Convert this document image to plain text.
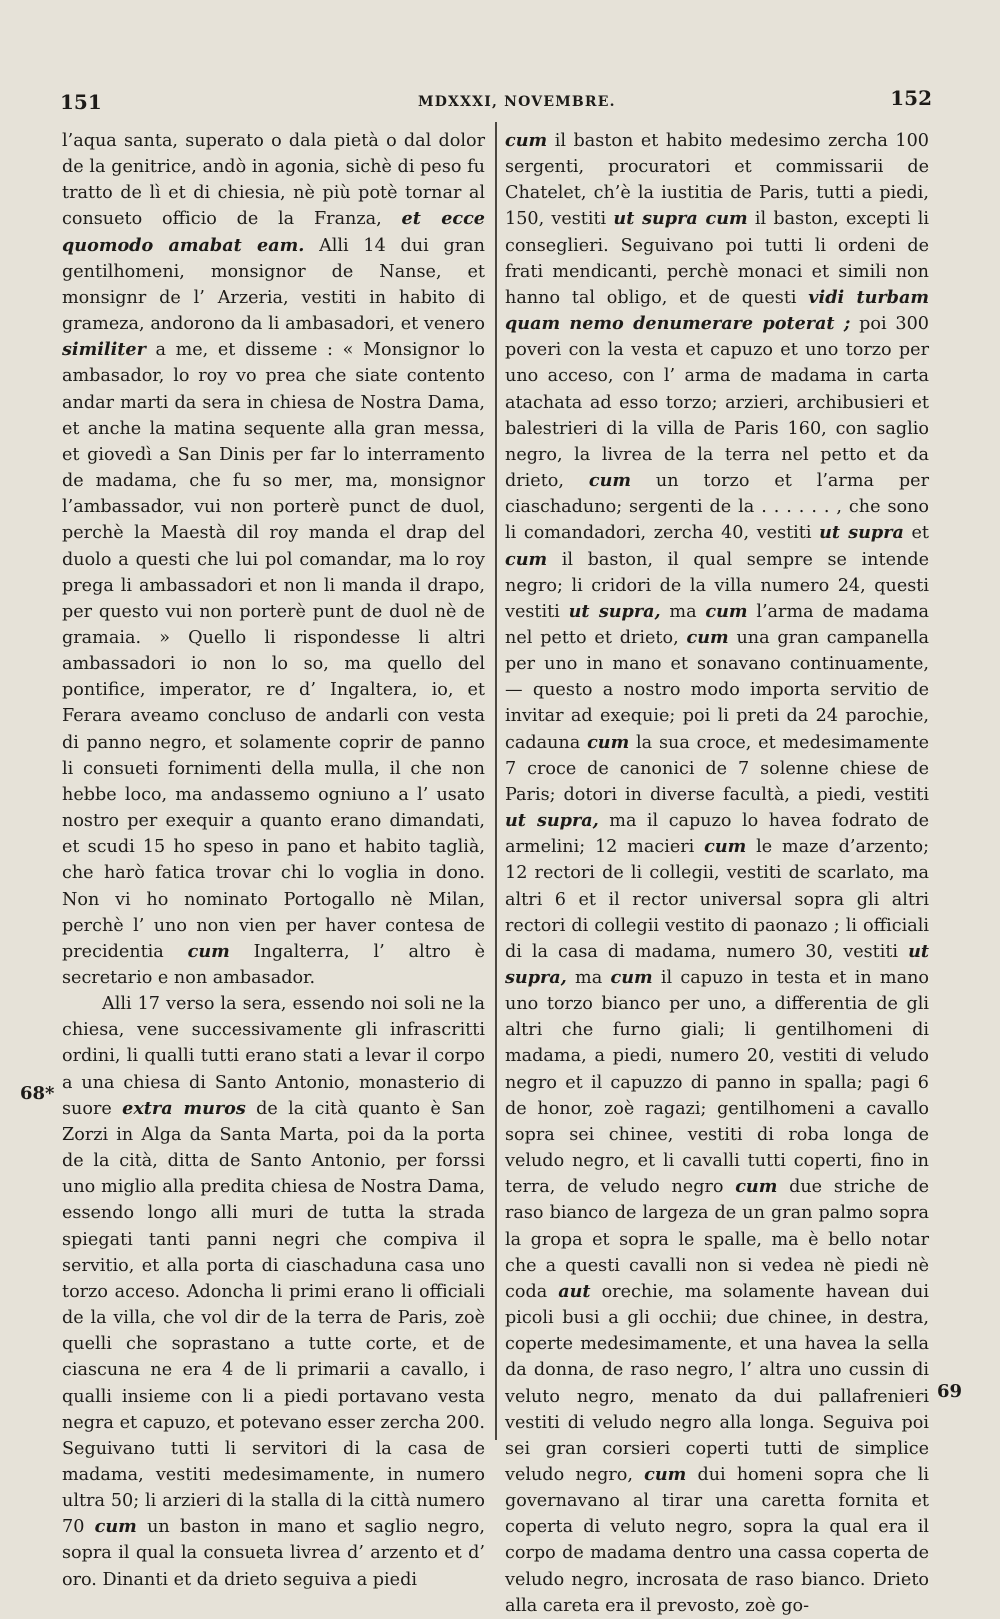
151	MDXXXI, NOVEMBRE.	152

l’aqua santa, superato o dala pietà o dal dolor de la genitrice, andò in agonia, sichè di peso fu tratto de lì et di chiesia, nè più potè tornar al consueto officio de la Franza, et ecce quomodo amabat eam. Alli 14 dui gran gentilhomeni, monsignor de Nanse, et monsignr de l’ Arzeria, vestiti in habito di grameza, andorono da li ambasadori, et venero similiter a me, et disseme : « Monsignor lo ambasador, lo roy vo prea che siate contento andar marti da sera in chiesa de Nostra Dama, et anche la matina sequente alla gran messa, et giovedì a San Dinis per far lo interramento de madama, che fu so mer, ma, monsignor l’ambassador, vui non porterè punct de duol, perchè la Maestà dil roy manda el drap del duolo a questi che lui pol comandar, ma lo roy prega li ambassadori et non li manda il drapo, per questo vui non porterè punt de duol nè de gramaia. » Quello li rispondesse li altri ambassadori io non lo so, ma quello del pontifice, imperator, re d’ Ingaltera, io, et Ferara aveamo concluso de andarli con vesta di panno negro, et solamente coprir de panno li consueti fornimenti della mulla, il che non hebbe loco, ma andassemo ogniuno a l’ usato nostro per exequir a quanto erano dimandati, et scudi 15 ho speso in pano et habito taglià, che harò fatica trovar chi lo voglia in dono. Non vi ho nominato Portogallo nè Milan, perchè l’ uno non vien per haver contesa de precidentia cum Ingalterra, l’ altro è secretario e non ambasador.

Alli 17 verso la sera, essendo noi soli ne la chiesa, vene successivamente gli infrascritti ordini, li qualli tutti erano stati a levar il corpo a una chiesa di Santo Antonio, monasterio di suore extra muros de la cità quanto è San Zorzi in Alga da Santa Marta, poi da la porta de la cità, ditta de Santo Antonio, per forssi uno miglio alla predita chiesa de Nostra Dama, essendo longo alli muri de tutta la strada spiegati tanti panni negri che compiva il servitio, et alla porta di ciaschaduna casa uno torzo acceso. Adoncha li primi erano li officiali de la villa, che vol dir de la terra de Paris, zoè quelli che soprastano a tutte corte, et de ciascuna ne era 4 de li primarii a cavallo, i qualli insieme con li a piedi portavano vesta negra et capuzo, et potevano esser zercha 200. Seguivano tutti li servitori di la casa de madama, vestiti medesimamente, in numero ultra 50; li arzieri di la stalla di la città numero 70 cum un baston in mano et saglio negro, sopra il qual la consueta livrea d’ arzento et d’ oro. Dinanti et da drieto seguiva a piedi

cum il baston et habito medesimo zercha 100 sergenti, procuratori et commissarii de Chatelet, ch’è la iustitia de Paris, tutti a piedi, 150, vestiti ut supra cum il baston, excepti li conseglieri. Seguivano poi tutti li ordeni de frati mendicanti, perchè monaci et simili non hanno tal obligo, et de questi vidi turbam quam nemo denumerare poterat ; poi 300 poveri con la vesta et capuzo et uno torzo per uno acceso, con l’ arma de madama in carta atachata ad esso torzo; arzieri, archibusieri et balestrieri di la villa de Paris 160, con saglio negro, la livrea de la terra nel petto et da drieto, cum un torzo et l’arma per ciaschaduno; sergenti de la . . . . . . , che sono li comandadori, zercha 40, vestiti ut supra et cum il baston, il qual sempre se intende negro; li cridori de la villa numero 24, questi vestiti ut supra, ma cum l’arma de madama nel petto et drieto, cum una gran campanella per uno in mano et sonavano continuamente, — questo a nostro modo importa servitio de invitar ad exequie; poi li preti da 24 parochie, cadauna cum la sua croce, et medesimamente 7 croce de canonici de 7 solenne chiese de Paris; dotori in diverse facultà, a piedi, vestiti ut supra, ma il capuzo lo havea fodrato de armelini; 12 macieri cum le maze d’arzento; 12 rectori de li collegii, vestiti de scarlato, ma altri 6 et il rector universal sopra gli altri rectori di collegii vestito di paonazo ; li officiali di la casa di madama, numero 30, vestiti ut supra, ma cum il capuzo in testa et in mano uno torzo bianco per uno, a differentia de gli altri che furno giali; li gentilhomeni di madama, a piedi, numero 20, vestiti di veludo negro et il capuzzo di panno in spalla; pagi 6 de honor, zoè ragazi; gentilhomeni a cavallo sopra sei chinee, vestiti di roba longa de veludo negro, et li cavalli tutti coperti, fino in terra, de veludo negro cum due striche de raso bianco de largeza de un gran palmo sopra la gropa et sopra le spalle, ma è bello notar che a questi cavalli non si vedea nè piedi nè coda aut orechie, ma solamente havean dui picoli busi a gli occhii; due chinee, in destra, coperte medesimamente, et una havea la sella da donna, de raso negro, l’ altra uno cussin di veluto negro, menato da dui pallafrenieri vestiti di veludo negro alla longa. Seguiva poi sei gran corsieri coperti tutti de simplice veludo negro, cum dui homeni sopra che li governavano al tirar una caretta fornita et coperta di veluto negro, sopra la qual era il corpo de madama dentro una cassa coperta de veludo negro, incrosata de raso bianco. Drieto alla careta era il prevosto, zoè go-

68*
69
